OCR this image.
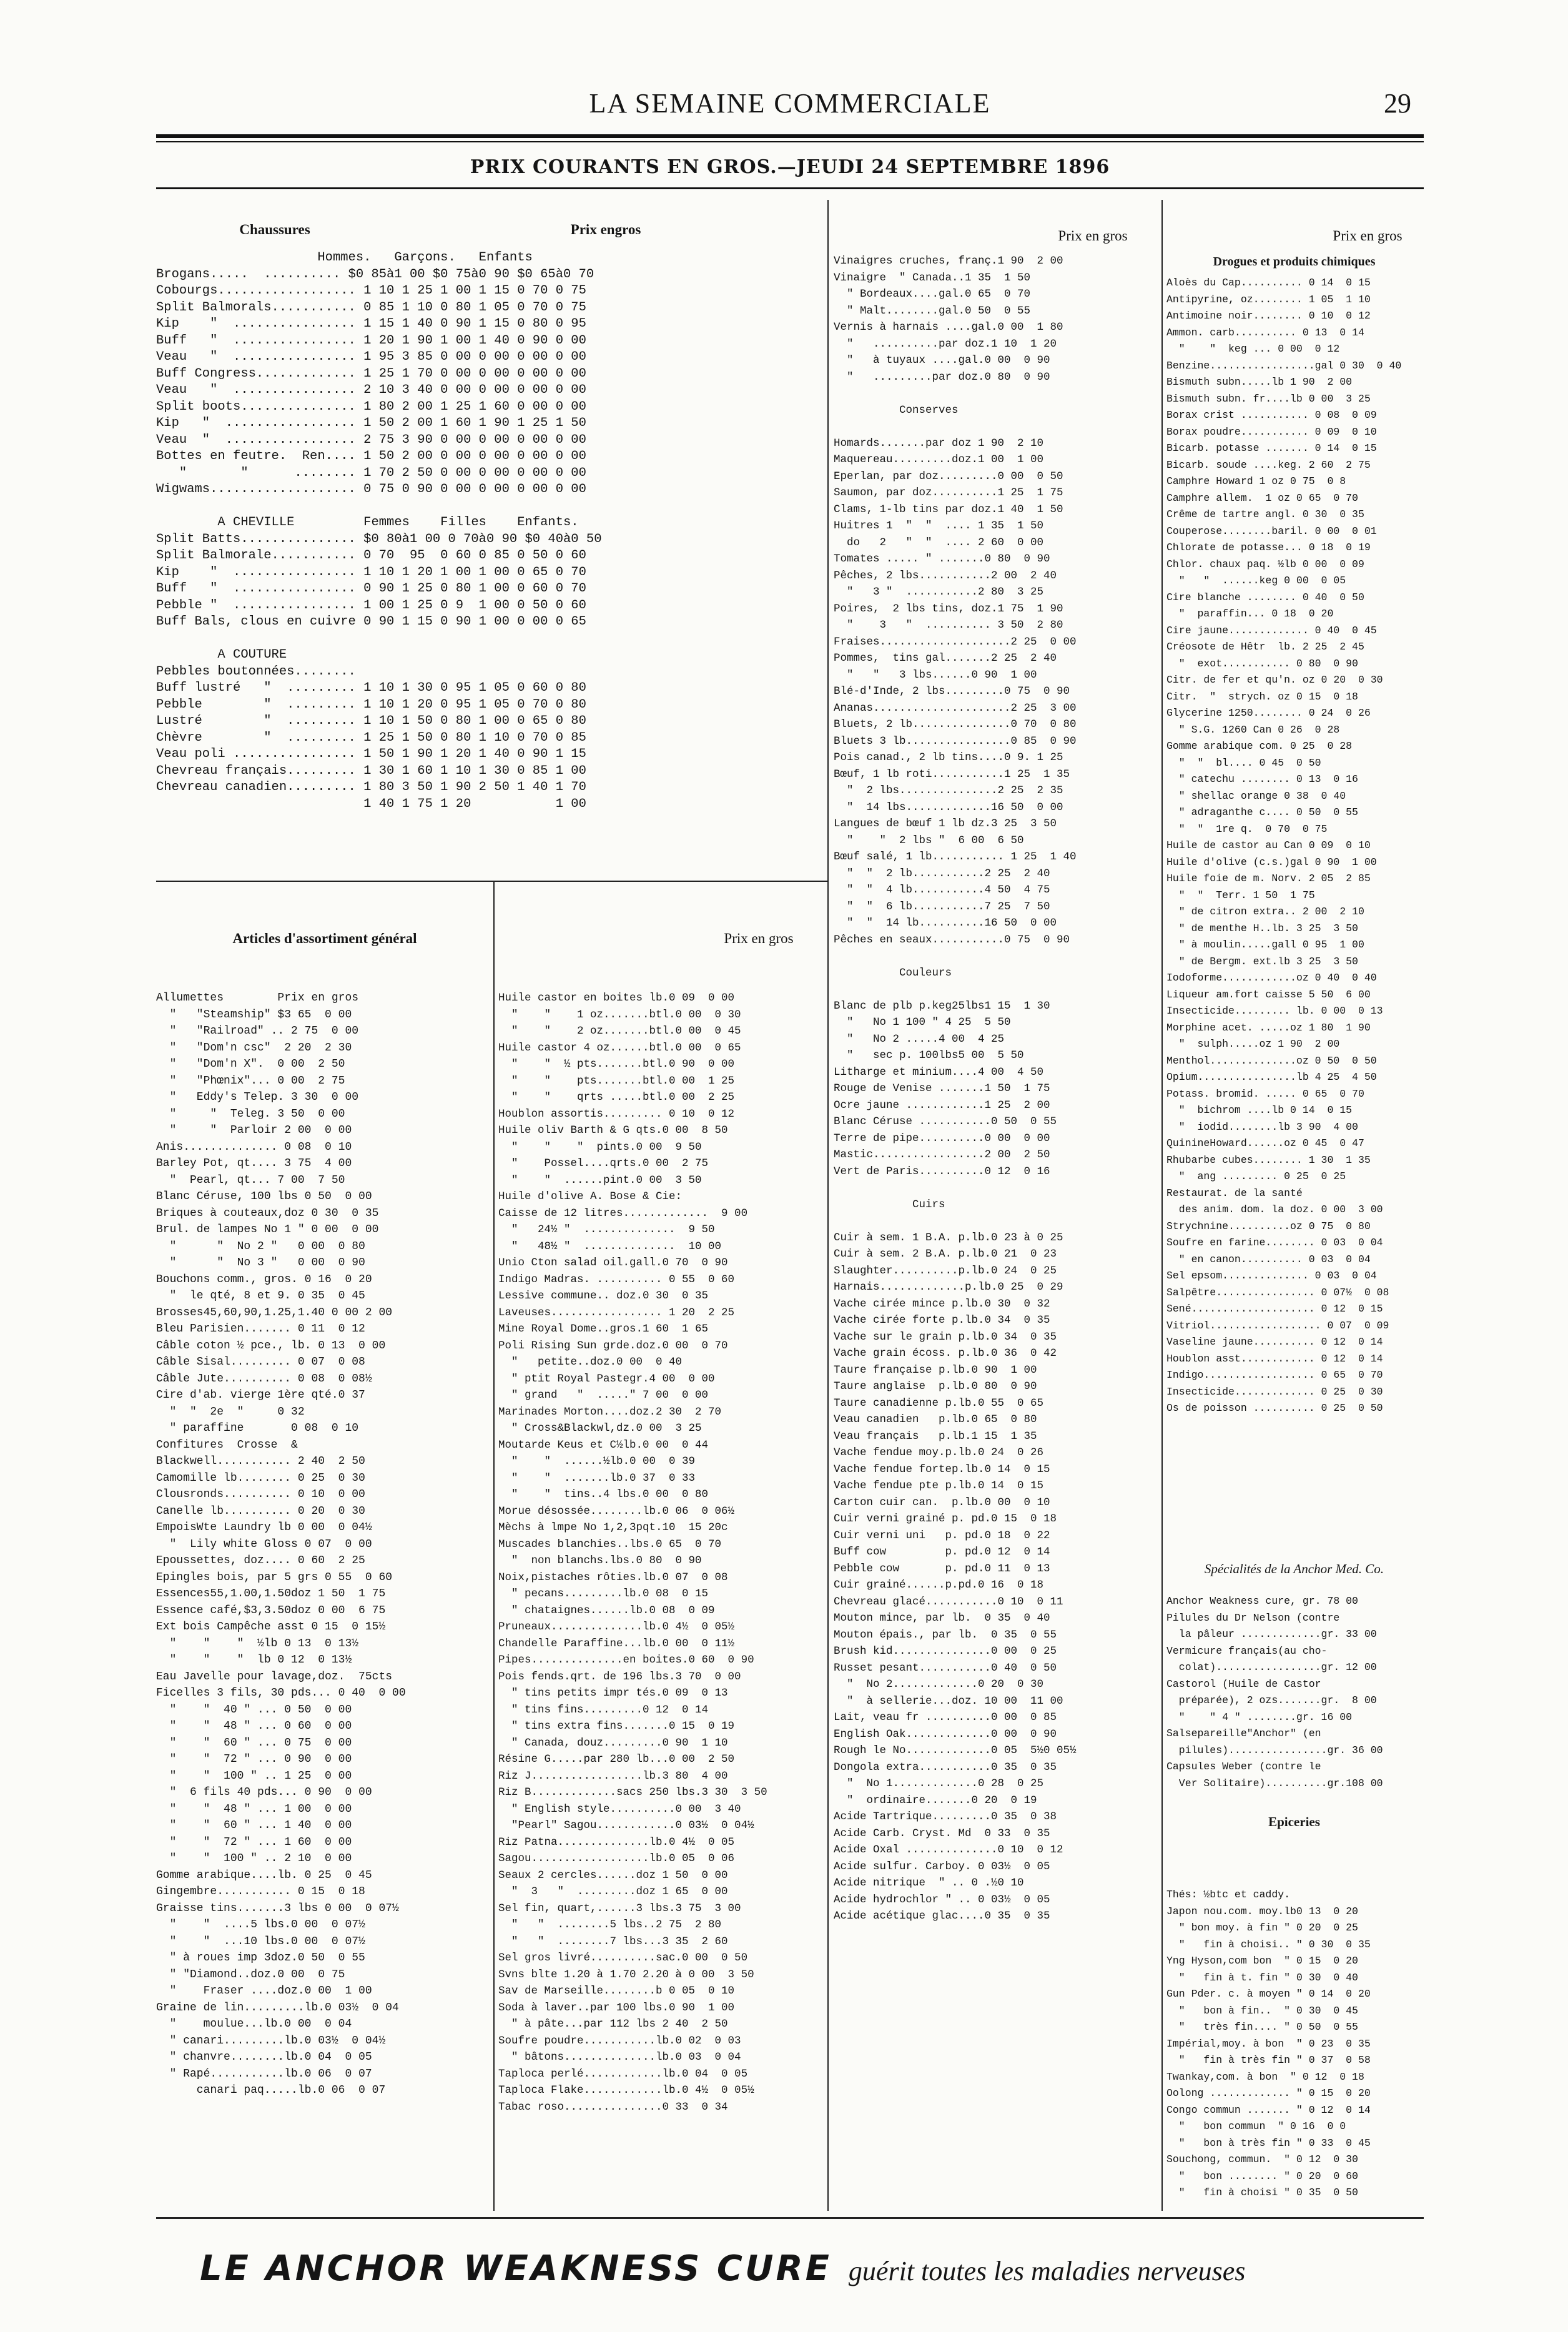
LA SEMAINE COMMERCIALE	29
PRIX COURANTS EN GROS.—JEUDI 24 SEPTEMBRE 1896
Chaussures	Prix engros
Hommes.   Garçons.   Enfants
Brogans.....  .......... $0 85à1 00 $0 75à0 90 $0 65à0 70
Cobourgs.................. 1 10 1 25 1 00 1 15 0 70 0 75
Split Balmorals........... 0 85 1 10 0 80 1 05 0 70 0 75
Kip    "  ................ 1 15 1 40 0 90 1 15 0 80 0 95
Buff   "  ................ 1 20 1 90 1 00 1 40 0 90 0 00
Veau   "  ................ 1 95 3 85 0 00 0 00 0 00 0 00
Buff Congress............. 1 25 1 70 0 00 0 00 0 00 0 00
Veau   "  ................ 2 10 3 40 0 00 0 00 0 00 0 00
Split boots............... 1 80 2 00 1 25 1 60 0 00 0 00
Kip   "  ................. 1 50 2 00 1 60 1 90 1 25 1 50
Veau  "  ................. 2 75 3 90 0 00 0 00 0 00 0 00
Bottes en feutre.  Ren.... 1 50 2 00 0 00 0 00 0 00 0 00
"       "      ........ 1 70 2 50 0 00 0 00 0 00 0 00
Wigwams................... 0 75 0 90 0 00 0 00 0 00 0 00
A CHEVILLE         Femmes    Filles    Enfants.
Split Batts............... $0 80à1 00 0 70à0 90 $0 40à0 50
Split Balmorale........... 0 70  95  0 60 0 85 0 50 0 60
Kip    "  ................ 1 10 1 20 1 00 1 00 0 65 0 70
Buff   "  ................ 0 90 1 25 0 80 1 00 0 60 0 70
Pebble "  ................ 1 00 1 25 0 9  1 00 0 50 0 60
Buff Bals, clous en cuivre 0 90 1 15 0 90 1 00 0 00 0 65
A COUTURE
Pebbles boutonnées........
Buff lustré   "  ......... 1 10 1 30 0 95 1 05 0 60 0 80
Pebble        "  ......... 1 10 1 20 0 95 1 05 0 70 0 80
Lustré        "  ......... 1 10 1 50 0 80 1 00 0 65 0 80
Chèvre        "  ......... 1 25 1 50 0 80 1 10 0 70 0 85
Veau poli ................ 1 50 1 90 1 20 1 40 0 90 1 15
Chevreau français......... 1 30 1 60 1 10 1 30 0 85 1 00
Chevreau canadien......... 1 80 3 50 1 90 2 50 1 40 1 70
1 40 1 75 1 20           1 00
Articles d'assortiment général	Prix en gros
Allumettes        Prix en gros
"   "Steamship" $3 65  0 00
"   "Railroad" .. 2 75  0 00
"   "Dom'n csc"  2 20  2 30
"   "Dom'n X".  0 00  2 50
"   "Phœnix"... 0 00  2 75
"   Eddy's Telep. 3 30  0 00
"     "  Teleg. 3 50  0 00
"     "  Parloir 2 00  0 00
Anis.............. 0 08  0 10
Barley Pot, qt.... 3 75  4 00
"  Pearl, qt... 7 00  7 50
Blanc Céruse, 100 lbs 0 50  0 00
Briques à couteaux,doz 0 30  0 35
Brul. de lampes No 1 " 0 00  0 00
"      "  No 2 "   0 00  0 80
"      "  No 3 "   0 00  0 90
Bouchons comm., gros. 0 16  0 20
"  le qté, 8 et 9. 0 35  0 45
Brosses45,60,90,1.25,1.40 0 00 2 00
Bleu Parisien....... 0 11  0 12
Câble coton ½ pce., lb. 0 13  0 00
Câble Sisal......... 0 07  0 08
Câble Jute.......... 0 08  0 08½
Cire d'ab. vierge 1ère qté.0 37
"  "  2e  "     0 32
" paraffine       0 08  0 10
Confitures  Crosse  &
Blackwell........... 2 40  2 50
Camomille lb........ 0 25  0 30
Clousronds.......... 0 10  0 00
Canelle lb.......... 0 20  0 30
EmpoisWte Laundry lb 0 00  0 04½
"  Lily white Gloss 0 07  0 00
Epoussettes, doz.... 0 60  2 25
Epingles bois, par 5 grs 0 55  0 60
Essences55,1.00,1.50doz 1 50  1 75
Essence café,$3,3.50doz 0 00  6 75
Ext bois Campêche asst 0 15  0 15½
"    "    "  ½lb 0 13  0 13½
"    "    "  lb 0 12  0 13½
Eau Javelle pour lavage,doz.  75cts
Ficelles 3 fils, 30 pds... 0 40  0 00
"    "  40 " ... 0 50  0 00
"    "  48 " ... 0 60  0 00
"    "  60 " ... 0 75  0 00
"    "  72 " ... 0 90  0 00
"    "  100 " .. 1 25  0 00
"  6 fils 40 pds... 0 90  0 00
"    "  48 " ... 1 00  0 00
"    "  60 " ... 1 40  0 00
"    "  72 " ... 1 60  0 00
"    "  100 " .. 2 10  0 00
Gomme arabique....lb. 0 25  0 45
Gingembre........... 0 15  0 18
Graisse tins.......3 lbs 0 00  0 07½
"    "  ....5 lbs.0 00  0 07½
"    "  ...10 lbs.0 00  0 07½
" à roues imp 3doz.0 50  0 55
" "Diamond..doz.0 00  0 75
"    Fraser ....doz.0 00  1 00
Graine de lin.........lb.0 03½  0 04
"    moulue...lb.0 00  0 04
" canari.........lb.0 03½  0 04½
" chanvre........lb.0 04  0 05
" Rapé...........lb.0 06  0 07
canari paq.....lb.0 06  0 07
Huile castor en boites lb.0 09  0 00
"    "    1 oz.......btl.0 00  0 30
"    "    2 oz.......btl.0 00  0 45
Huile castor 4 oz......btl.0 00  0 65
"    "  ½ pts.......btl.0 90  0 00
"    "    pts.......btl.0 00  1 25
"    "    qrts .....btl.0 00  2 25
Houblon assortis......... 0 10  0 12
Huile oliv Barth & G qts.0 00  8 50
"    "    "  pints.0 00  9 50
"    Possel....qrts.0 00  2 75
"    "  ......pint.0 00  3 50
Huile d'olive A. Bose & Cie:
Caisse de 12 litres.............  9 00
"   24½ "  ..............  9 50
"   48½ "  ..............  10 00
Unio Cton salad oil.gall.0 70  0 90
Indigo Madras. .......... 0 55  0 60
Lessive commune.. doz.0 30  0 35
Laveuses................. 1 20  2 25
Mine Royal Dome..gros.1 60  1 65
Poli Rising Sun grde.doz.0 00  0 70
"   petite..doz.0 00  0 40
" ptit Royal Pastegr.4 00  0 00
" grand   "  ....." 7 00  0 00
Marinades Morton....doz.2 30  2 70
" Cross&Blackwl,dz.0 00  3 25
Moutarde Keus et C½lb.0 00  0 44
"    "  ......½lb.0 00  0 39
"    "  .......lb.0 37  0 33
"    "  tins..4 lbs.0 00  0 80
Morue désossée........lb.0 06  0 06½
Mèchs à lmpe No 1,2,3pqt.10  15 20c
Muscades blanchies..lbs.0 65  0 70
"  non blanchs.lbs.0 80  0 90
Noix,pistaches rôties.lb.0 07  0 08
" pecans.........lb.0 08  0 15
" chataignes......lb.0 08  0 09
Pruneaux..............lb.0 4½  0 05½
Chandelle Paraffine...lb.0 00  0 11½
Pipes..............en boites.0 60  0 90
Pois fends.qrt. de 196 lbs.3 70  0 00
" tins petits impr tés.0 09  0 13
" tins fins.........0 12  0 14
" tins extra fins.......0 15  0 19
" Canada, douz.........0 90  1 10
Résine G.....par 280 lb...0 00  2 50
Riz J.................lb.3 80  4 00
Riz B.............sacs 250 lbs.3 30  3 50
" English style..........0 00  3 40
"Pearl" Sagou............0 03½  0 04½
Riz Patna..............lb.0 4½  0 05
Sagou..................lb.0 05  0 06
Seaux 2 cercles......doz 1 50  0 00
"  3   "  .........doz 1 65  0 00
Sel fin, quart,......3 lbs.3 75  3 00
"   "  ........5 lbs..2 75  2 80
"   "  ........7 lbs...3 35  2 60
Sel gros livré..........sac.0 00  0 50
Svns blte 1.20 à 1.70 2.20 à 0 00  3 50
Sav de Marseille........b 0 05  0 10
Soda à laver..par 100 lbs.0 90  1 00
" à pâte...par 112 lbs 2 40  2 50
Soufre poudre...........lb.0 02  0 03
" bâtons..............lb.0 03  0 04
Taploca perlé............lb.0 04  0 05
Taploca Flake............lb.0 4½  0 05½
Tabac roso...............0 33  0 34
Prix en gros
Vinaigres cruches, franç.1 90  2 00
Vinaigre  " Canada..1 35  1 50
" Bordeaux....gal.0 65  0 70
" Malt........gal.0 50  0 55
Vernis à harnais ....gal.0 00  1 80
"   ..........par doz.1 10  1 20
"   à tuyaux ....gal.0 00  0 90
"   .........par doz.0 80  0 90
Conserves
Homards.......par doz 1 90  2 10
Maquereau.........doz.1 00  1 00
Eperlan, par doz.........0 00  0 50
Saumon, par doz..........1 25  1 75
Clams, 1-lb tins par doz.1 40  1 50
Huitres 1  "  "  .... 1 35  1 50
do   2   "  "  .... 2 60  0 00
Tomates ..... " .......0 80  0 90
Pêches, 2 lbs...........2 00  2 40
"   3 "  ...........2 80  3 25
Poires,  2 lbs tins, doz.1 75  1 90
"    3   "  .......... 3 50  2 80
Fraises....................2 25  0 00
Pommes,  tins gal.......2 25  2 40
"   "   3 lbs......0 90  1 00
Blé-d'Inde, 2 lbs.........0 75  0 90
Ananas.....................2 25  3 00
Bluets, 2 lb...............0 70  0 80
Bluets 3 lb................0 85  0 90
Pois canad., 2 lb tins....0 9. 1 25
Bœuf, 1 lb roti...........1 25  1 35
"  2 lbs...............2 25  2 35
"  14 lbs.............16 50  0 00
Langues de bœuf 1 lb dz.3 25  3 50
"    "  2 lbs "  6 00  6 50
Bœuf salé, 1 lb........... 1 25  1 40
"  "  2 lb...........2 25  2 40
"  "  4 lb...........4 50  4 75
"  "  6 lb...........7 25  7 50
"  "  14 lb..........16 50  0 00
Pêches en seaux...........0 75  0 90
Couleurs
Blanc de plb p.keg25lbs1 15  1 30
"   No 1 100 " 4 25  5 50
"   No 2 .....4 00  4 25
"   sec p. 100lbs5 00  5 50
Litharge et minium....4 00  4 50
Rouge de Venise .......1 50  1 75
Ocre jaune ............1 25  2 00
Blanc Céruse ...........0 50  0 55
Terre de pipe..........0 00  0 00
Mastic.................2 00  2 50
Vert de Paris..........0 12  0 16
Cuirs
Cuir à sem. 1 B.A. p.lb.0 23 à 0 25
Cuir à sem. 2 B.A. p.lb.0 21  0 23
Slaughter..........p.lb.0 24  0 25
Harnais.............p.lb.0 25  0 29
Vache cirée mince p.lb.0 30  0 32
Vache cirée forte p.lb.0 34  0 35
Vache sur le grain p.lb.0 34  0 35
Vache grain écoss. p.lb.0 36  0 42
Taure française p.lb.0 90  1 00
Taure anglaise  p.lb.0 80  0 90
Taure canadienne p.lb.0 55  0 65
Veau canadien   p.lb.0 65  0 80
Veau français   p.lb.1 15  1 35
Vache fendue moy.p.lb.0 24  0 26
Vache fendue fortep.lb.0 14  0 15
Vache fendue pte p.lb.0 14  0 15
Carton cuir can.  p.lb.0 00  0 10
Cuir verni grainé p. pd.0 15  0 18
Cuir verni uni   p. pd.0 18  0 22
Buff cow         p. pd.0 12  0 14
Pebble cow       p. pd.0 11  0 13
Cuir grainé......p.pd.0 16  0 18
Chevreau glacé...........0 10  0 11
Mouton mince, par lb.  0 35  0 40
Mouton épais., par lb.  0 35  0 55
Brush kid...............0 00  0 25
Russet pesant...........0 40  0 50
"  No 2.............0 20  0 30
"  à sellerie...doz. 10 00  11 00
Lait, veau fr ..........0 00  0 85
English Oak.............0 00  0 90
Rough le No.............0 05  5½0 05½
Dongola extra...........0 35  0 35
"  No 1.............0 28  0 25
"  ordinaire.......0 20  0 19
Acide Tartrique.........0 35  0 38
Acide Carb. Cryst. Md  0 33  0 35
Acide Oxal ..............0 10  0 12
Acide sulfur. Carboy. 0 03½  0 05
Acide nitrique  " .. 0 .½0 10
Acide hydrochlor " .. 0 03½  0 05
Acide acétique glac....0 35  0 35
Prix en gros
Drogues et produits chimiques
Aloès du Cap.......... 0 14  0 15
Antipyrine, oz........ 1 05  1 10
Antimoine noir........ 0 10  0 12
Ammon. carb.......... 0 13  0 14
"    "  keg ... 0 00  0 12
Benzine.................gal 0 30  0 40
Bismuth subn.....lb 1 90  2 00
Bismuth subn. fr....lb 0 00  3 25
Borax crist ........... 0 08  0 09
Borax poudre........... 0 09  0 10
Bicarb. potasse ....... 0 14  0 15
Bicarb. soude ....keg. 2 60  2 75
Camphre Howard 1 oz 0 75  0 8
Camphre allem.  1 oz 0 65  0 70
Crême de tartre angl. 0 30  0 35
Couperose........baril. 0 00  0 01
Chlorate de potasse... 0 18  0 19
Chlor. chaux paq. ½lb 0 00  0 09
"   "  ......keg 0 00  0 05
Cire blanche ........ 0 40  0 50
"  paraffin... 0 18  0 20
Cire jaune............. 0 40  0 45
Créosote de Hêtr  lb. 2 25  2 45
"  exot........... 0 80  0 90
Citr. de fer et qu'n. oz 0 20  0 30
Citr.  "  strych. oz 0 15  0 18
Glycerine 1250........ 0 24  0 26
" S.G. 1260 Can 0 26  0 28
Gomme arabique com. 0 25  0 28
"  "  bl.... 0 45  0 50
" catechu ........ 0 13  0 16
" shellac orange 0 38  0 40
" adraganthe c.... 0 50  0 55
"  "  1re q.  0 70  0 75
Huile de castor au Can 0 09  0 10
Huile d'olive (c.s.)gal 0 90  1 00
Huile foie de m. Norv. 2 05  2 85
"  "  Terr. 1 50  1 75
" de citron extra.. 2 00  2 10
" de menthe H..lb. 3 25  3 50
" à moulin.....gall 0 95  1 00
" de Bergm. ext.lb 3 25  3 50
Iodoforme............oz 0 40  0 40
Liqueur am.fort caisse 5 50  6 00
Insecticide......... lb. 0 00  0 13
Morphine acet. .....oz 1 80  1 90
"  sulph.....oz 1 90  2 00
Menthol..............oz 0 50  0 50
Opium................lb 4 25  4 50
Potass. bromid. ..... 0 65  0 70
"  bichrom ....lb 0 14  0 15
"  iodid........lb 3 90  4 00
QuinineHoward......oz 0 45  0 47
Rhubarbe cubes........ 1 30  1 35
"  ang ......... 0 25  0 25
Restaurat. de la santé
des anim. dom. la doz. 0 00  3 00
Strychnine..........oz 0 75  0 80
Soufre en farine........ 0 03  0 04
" en canon.......... 0 03  0 04
Sel epsom.............. 0 03  0 04
Salpêtre................ 0 07½  0 08
Sené.................... 0 12  0 15
Vitriol.................. 0 07  0 09
Vaseline jaune.......... 0 12  0 14
Houblon asst............ 0 12  0 14
Indigo.................. 0 65  0 70
Insecticide............. 0 25  0 30
Os de poisson .......... 0 25  0 50
Spécialités de la Anchor Med. Co.
Anchor Weakness cure, gr. 78 00
Pilules du Dr Nelson (contre
la pâleur .............gr. 33 00
Vermicure français(au cho-
colat).................gr. 12 00
Castorol (Huile de Castor
préparée), 2 ozs.......gr.  8 00
"    " 4 " ........gr. 16 00
Salsepareille"Anchor" (en
pilules)................gr. 36 00
Capsules Weber (contre le
Ver Solitaire)..........gr.108 00
Epiceries
Thés: ½btc et caddy.
Japon nou.com. moy.lb0 13  0 20
" bon moy. à fin " 0 20  0 25
"   fin à choisi.. " 0 30  0 35
Yng Hyson,com bon  " 0 15  0 20
"   fin à t. fin " 0 30  0 40
Gun Pder. c. à moyen " 0 14  0 20
"   bon à fin..  " 0 30  0 45
"   très fin.... " 0 50  0 55
Impérial,moy. à bon  " 0 23  0 35
"   fin à très fin " 0 37  0 58
Twankay,com. à bon  " 0 12  0 18
Oolong ............. " 0 15  0 20
Congo commun ....... " 0 12  0 14
"   bon commun  " 0 16  0 0
"   bon à très fin " 0 33  0 45
Souchong, commun.  " 0 12  0 30
"   bon ........ " 0 20  0 60
"   fin à choisi " 0 35  0 50
LE ANCHOR WEAKNESS CURE guérit toutes les maladies nerveuses
